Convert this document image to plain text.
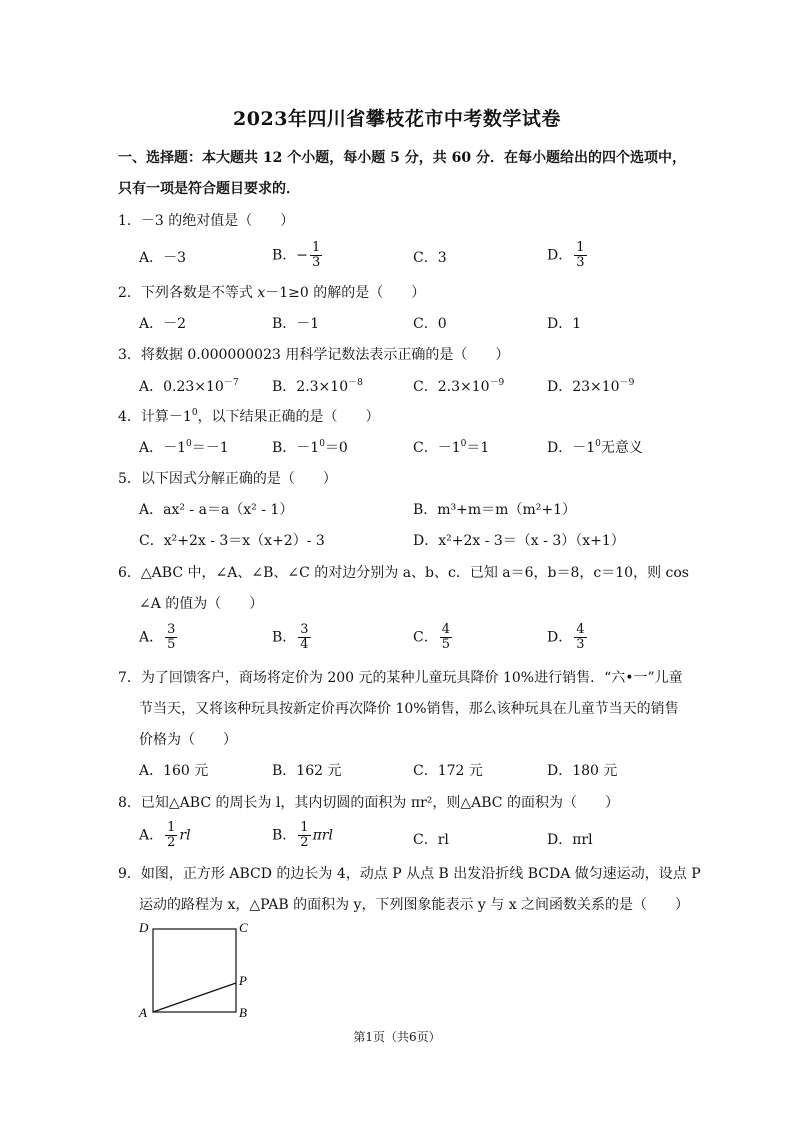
2023年四川省攀枝花市中考数学试卷
一、选择题：本大题共 12 个小题，每小题 5 分，共 60 分．在每小题给出的四个选项中，
只有一项是符合题目要求的．
1．－3 的绝对值是（　　）
A．－3	B．− $\frac{1}{3}$	C．3	D． $\frac{1}{3}$
2．下列各数是不等式 x－1≥0 的解的是（　　）
A．－2	B．－1	C．0	D．1
3．将数据 0.000000023 用科学记数法表示正确的是（　　）
A．$0.23\times 10^{-7}$ B．$2.3\times 10^{-8}$	C．$2.3\times 10^{-9}$	D．$23\times 10^{-9}$
4．计算$-1^0$，以下结果正确的是（　　）
A．$-1^0=-1$	B．$-1^0=0$	C．$-1^0=1$	D．$-1^0$无意义
5．以下因式分解正确的是（　　）
A．ax² - a＝a（x² - 1）	B．m³+m＝m（m²+1）
C．x²+2x - 3＝x（x+2）- 3	D．x²+2x - 3＝（x - 3）（x+1）
6．△ABC 中，∠A、∠B、∠C 的对边分别为 a、b、c．已知 a＝6，b＝8，c＝10，则 cos
∠A 的值为（　　）
A． $\frac{3}{5}$	B． $\frac{3}{4}$	C． $\frac{4}{5}$	D． $\frac{4}{3}$
7．为了回馈客户，商场将定价为 200 元的某种儿童玩具降价 10%进行销售．“六•一”儿童
节当天，又将该种玩具按新定价再次降价 10%销售，那么该种玩具在儿童节当天的销售
价格为（　　）
A．160 元	B．162 元	C．172 元	D．180 元
8．已知△ABC 的周长为 l，其内切圆的面积为 πr²，则△ABC 的面积为（　　）
A． $\frac{1}{2}$ rl	B． $\frac{1}{2}$ πrl	C．rl	D．πrl
9．如图，正方形 ABCD 的边长为 4，动点 P 从点 B 出发沿折线 BCDA 做匀速运动，设点 P
运动的路程为 x，△PAB 的面积为 y，下列图象能表示 y 与 x 之间函数关系的是（　　）
D	C
P
A	B
第1页（共6页）
